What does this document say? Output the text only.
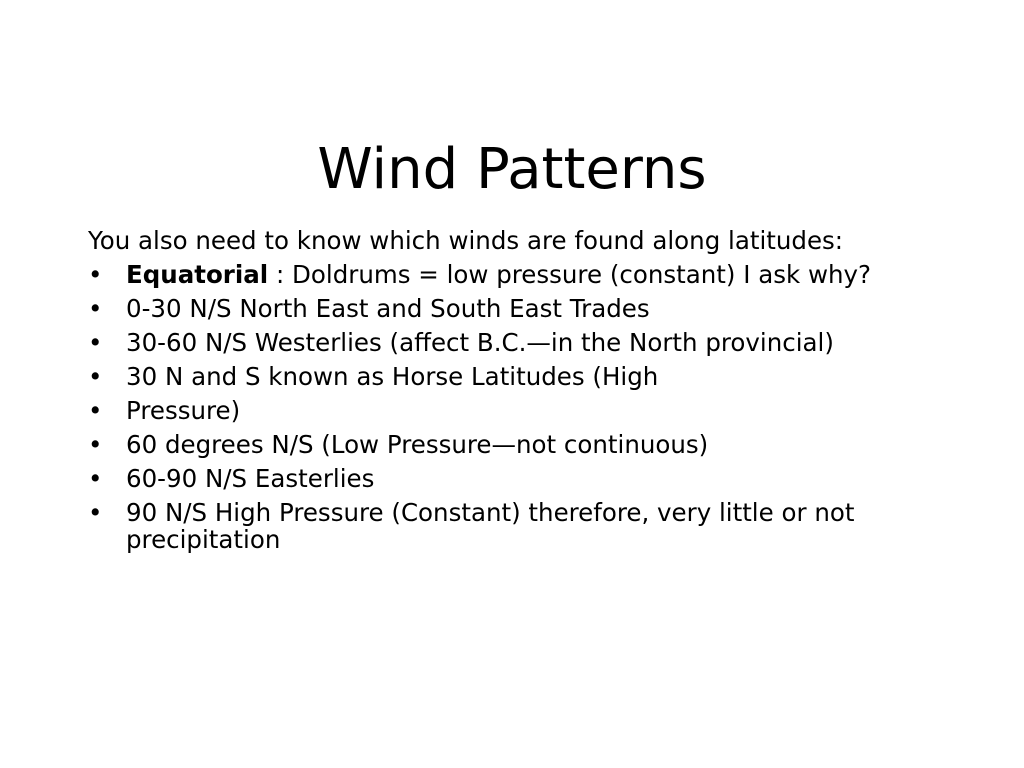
Wind Patterns

You also need to know which winds are found along latitudes:

• Equatorial : Doldrums = low pressure (constant) I ask why?
• 0-30 N/S North East and South East Trades
• 30-60 N/S Westerlies (affect B.C.—in the North provincial)
• 30 N and S known as Horse Latitudes (High
• Pressure)
• 60 degrees N/S (Low Pressure—not continuous)
• 60-90 N/S Easterlies
• 90 N/S High Pressure (Constant) therefore, very little or not precipitation
